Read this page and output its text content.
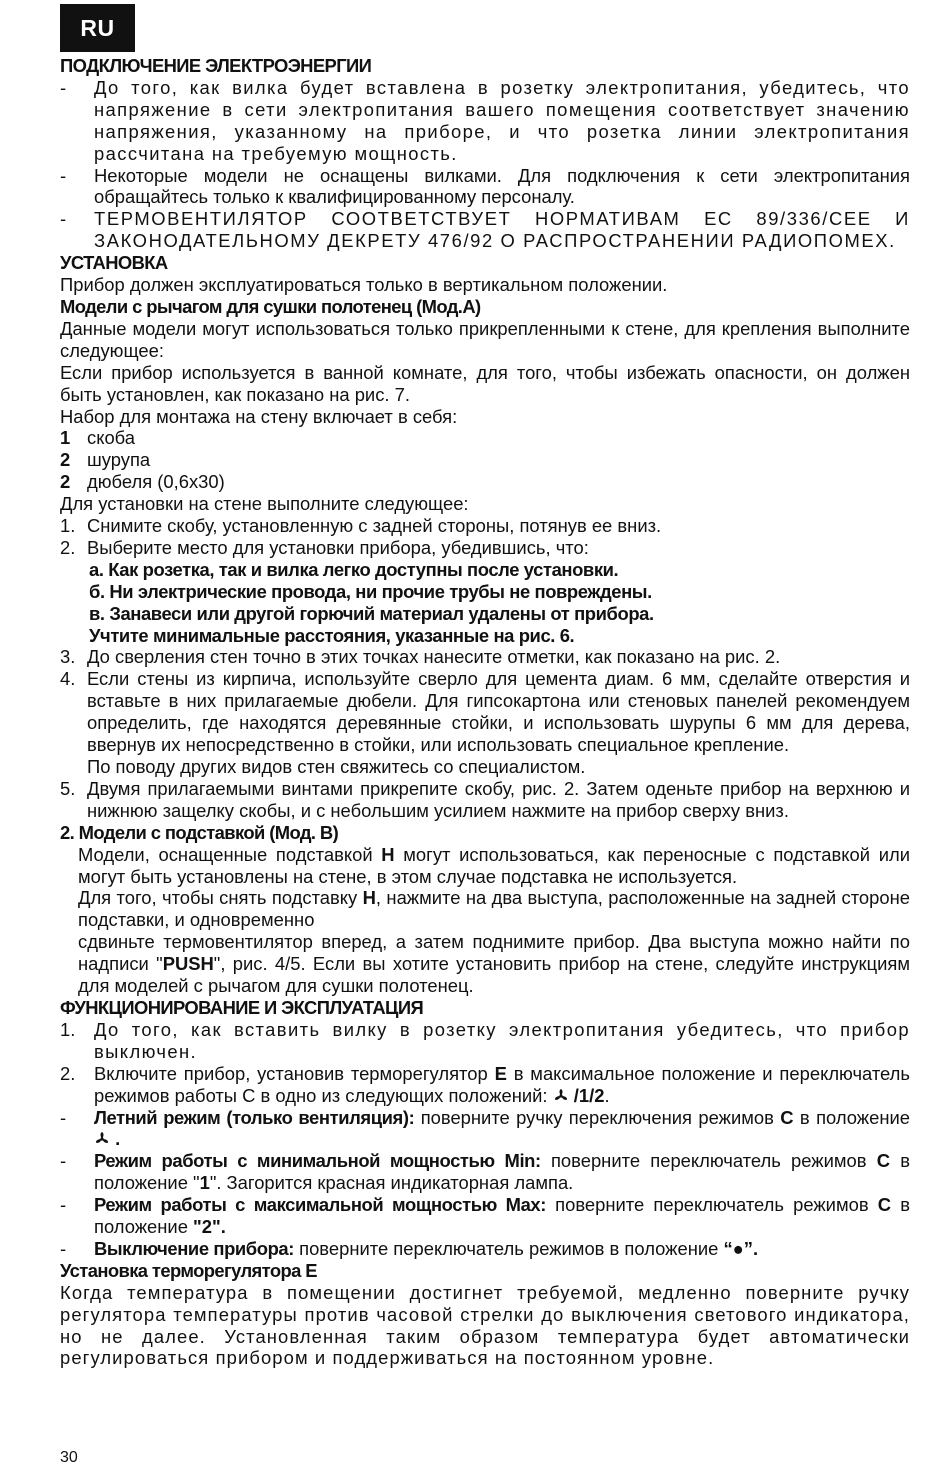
RU

ПОДКЛЮЧЕНИЕ ЭЛЕКТРОЭНЕРГИИ

-	До того, как вилка будет вставлена в розетку электропитания, убедитесь, что напряжение в сети электропитания вашего помещения соответствует значению напряжения, указанному на приборе, и что розетка линии электропитания рассчитана на требуемую мощность.
-	Некоторые модели не оснащены вилками. Для подключения к сети электропитания обращайтесь только к квалифицированному персоналу.
-	ТЕРМОВЕНТИЛЯТОР СООТВЕТСТВУЕТ НОРМАТИВАМ ЕС 89/336/CEE И ЗАКОНОДАТЕЛЬНОМУ ДЕКРЕТУ 476/92 О РАСПРОСТРАНЕНИИ РАДИОПОМЕХ.

УСТАНОВКА

Прибор должен эксплуатироваться только в вертикальном положении.

Модели с рычагом для сушки полотенец (Мод.А)

Данные модели могут использоваться только прикрепленными к стене, для крепления выполните следующее:

Если прибор используется в ванной комнате, для того, чтобы избежать опасности, он должен быть установлен, как показано на рис. 7.

Набор для монтажа на стену включает в себя:

1 скоба

2 шурупа

2 дюбеля (0,6x30)

Для установки на стене выполните следующее:

1. Снимите скобу, установленную с задней стороны, потянув ее вниз.
2. Выберите место для установки прибора, убедившись, что:

а. Как розетка, так и вилка легко доступны после установки.

б. Ни электрические провода, ни прочие трубы не повреждены.

в. Занавеси или другой горючий материал удалены от прибора.

Учтите минимальные расстояния, указанные на рис. 6.

3. До сверления стен точно в этих точках нанесите отметки, как показано на рис. 2.
4. Если стены из кирпича, используйте сверло для цемента диам. 6 мм, сделайте отверстия и вставьте в них прилагаемые дюбели. Для гипсокартона или стеновых панелей рекомендуем определить, где находятся деревянные стойки, и использовать шурупы 6 мм для дерева, ввернув их непосредственно в стойки, или использовать специальное крепление.

По поводу других видов стен свяжитесь со специалистом.

5. Двумя прилагаемыми винтами прикрепите скобу, рис. 2. Затем оденьте прибор на верхнюю и нижнюю защелку скобы, и с небольшим усилием нажмите на прибор сверху вниз.

2. Модели с подставкой (Мод. В)

Модели, оснащенные подставкой H могут использоваться, как переносные с подставкой или могут быть установлены на стене, в этом случае подставка не используется.

Для того, чтобы снять подставку H, нажмите на два выступа, расположенные на задней стороне подставки, и одновременно

сдвиньте термовентилятор вперед, а затем поднимите прибор. Два выступа можно найти по надписи "PUSH", рис. 4/5. Если вы хотите установить прибор на стене, следуйте инструкциям для моделей с рычагом для сушки полотенец.

ФУНКЦИОНИРОВАНИЕ И ЭКСПЛУАТАЦИЯ

1.	До того, как вставить вилку в розетку электропитания убедитесь, что прибор выключен.
2.	Включите прибор, установив терморегулятор E в максимальное положение и переключатель режимов работы С в одно из следующих положений:  /1/2.
-	Летний режим (только вентиляция): поверните ручку переключения режимов C в положение  .
-	Режим работы с минимальной мощностью Min: поверните переключатель режимов C в положение "1". Загорится красная индикаторная лампа.
-	Режим работы с максимальной мощностью Max: поверните переключатель режимов C в положение "2".
-	Выключение прибора: поверните переключатель режимов в положение “●”.

Установка терморегулятора E

Когда температура в помещении достигнет требуемой, медленно поверните ручку регулятора температуры против часовой стрелки до выключения светового индикатора, но не далее. Установленная таким образом температура будет автоматически регулироваться прибором и поддерживаться на постоянном уровне.

30
